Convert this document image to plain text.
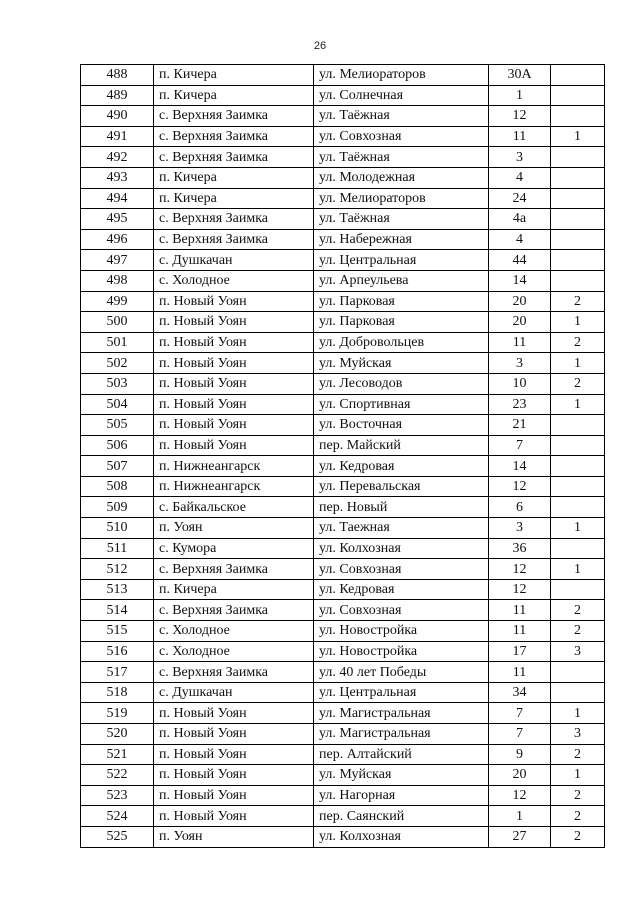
26
488	п. Кичера	ул. Мелиораторов	30А	
489	п. Кичера	ул. Солнечная	1	
490	с. Верхняя Заимка	ул. Таёжная	12	
491	с. Верхняя Заимка	ул. Совхозная	11	1
492	с. Верхняя Заимка	ул. Таёжная	3	
493	п. Кичера	ул. Молодежная	4	
494	п. Кичера	ул. Мелиораторов	24	
495	с. Верхняя Заимка	ул. Таёжная	4а	
496	с. Верхняя Заимка	ул. Набережная	4	
497	с. Душкачан	ул. Центральная	44	
498	с. Холодное	ул. Арпеульева	14	
499	п. Новый Уоян	ул. Парковая	20	2
500	п. Новый Уоян	ул. Парковая	20	1
501	п. Новый Уоян	ул. Добровольцев	11	2
502	п. Новый Уоян	ул. Муйская	3	1
503	п. Новый Уоян	ул. Лесоводов	10	2
504	п. Новый Уоян	ул. Спортивная	23	1
505	п. Новый Уоян	ул. Восточная	21	
506	п. Новый Уоян	пер. Майский	7	
507	п. Нижнеангарск	ул. Кедровая	14	
508	п. Нижнеангарск	ул. Перевальская	12	
509	с. Байкальское	пер. Новый	6	
510	п. Уоян	ул. Таежная	3	1
511	с. Кумора	ул. Колхозная	36	
512	с. Верхняя Заимка	ул. Совхозная	12	1
513	п. Кичера	ул. Кедровая	12	
514	с. Верхняя Заимка	ул. Совхозная	11	2
515	с. Холодное	ул. Новостройка	11	2
516	с. Холодное	ул. Новостройка	17	3
517	с. Верхняя Заимка	ул. 40 лет Победы	11	
518	с. Душкачан	ул. Центральная	34	
519	п. Новый Уоян	ул. Магистральная	7	1
520	п. Новый Уоян	ул. Магистральная	7	3
521	п. Новый Уоян	пер. Алтайский	9	2
522	п. Новый Уоян	ул. Муйская	20	1
523	п. Новый Уоян	ул. Нагорная	12	2
524	п. Новый Уоян	пер. Саянский	1	2
525	п. Уоян	ул. Колхозная	27	2
